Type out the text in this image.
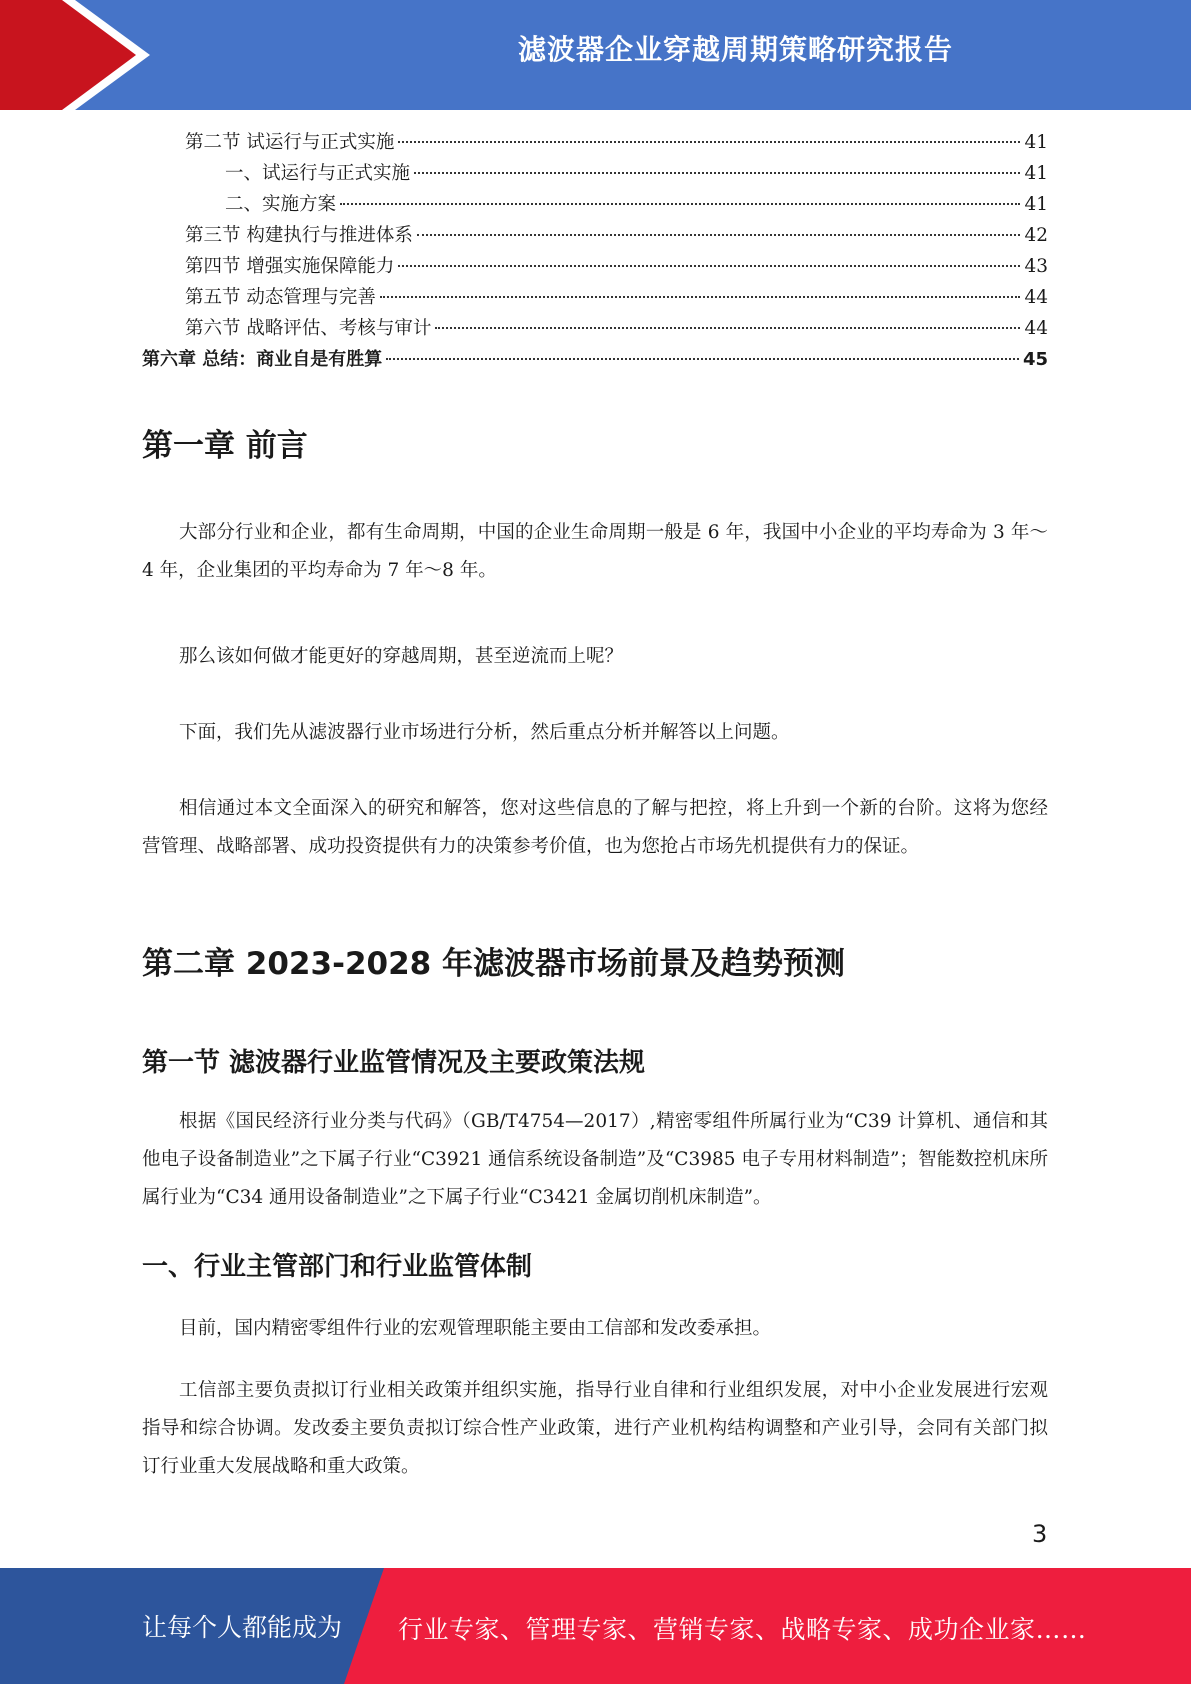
滤波器企业穿越周期策略研究报告
第二节 试运行与正式实施	41
一、试运行与正式实施	41
二、实施方案	41
第三节 构建执行与推进体系	42
第四节 增强实施保障能力	43
第五节 动态管理与完善	44
第六节 战略评估、考核与审计	44
第六章 总结：商业自是有胜算	45
第一章 前言

大部分行业和企业，都有生命周期，中国的企业生命周期一般是 6 年，我国中小企业的平均寿命为 3 年～4 年，企业集团的平均寿命为 7 年～8 年。

那么该如何做才能更好的穿越周期，甚至逆流而上呢？

下面，我们先从滤波器行业市场进行分析，然后重点分析并解答以上问题。

相信通过本文全面深入的研究和解答，您对这些信息的了解与把控，将上升到一个新的台阶。这将为您经营管理、战略部署、成功投资提供有力的决策参考价值，也为您抢占市场先机提供有力的保证。

第二章 2023-2028 年滤波器市场前景及趋势预测
第一节 滤波器行业监管情况及主要政策法规

根据《国民经济行业分类与代码》（GB/T4754—2017）,精密零组件所属行业为“C39 计算机、通信和其他电子设备制造业”之下属子行业“C3921 通信系统设备制造”及“C3985 电子专用材料制造”；智能数控机床所属行业为“C34 通用设备制造业”之下属子行业“C3421 金属切削机床制造”。

一、行业主管部门和行业监管体制

目前，国内精密零组件行业的宏观管理职能主要由工信部和发改委承担。

工信部主要负责拟订行业相关政策并组织实施，指导行业自律和行业组织发展，对中小企业发展进行宏观指导和综合协调。发改委主要负责拟订综合性产业政策，进行产业机构结构调整和产业引导，会同有关部门拟订行业重大发展战略和重大政策。

3
让每个人都能成为 行业专家、管理专家、营销专家、战略专家、成功企业家……
